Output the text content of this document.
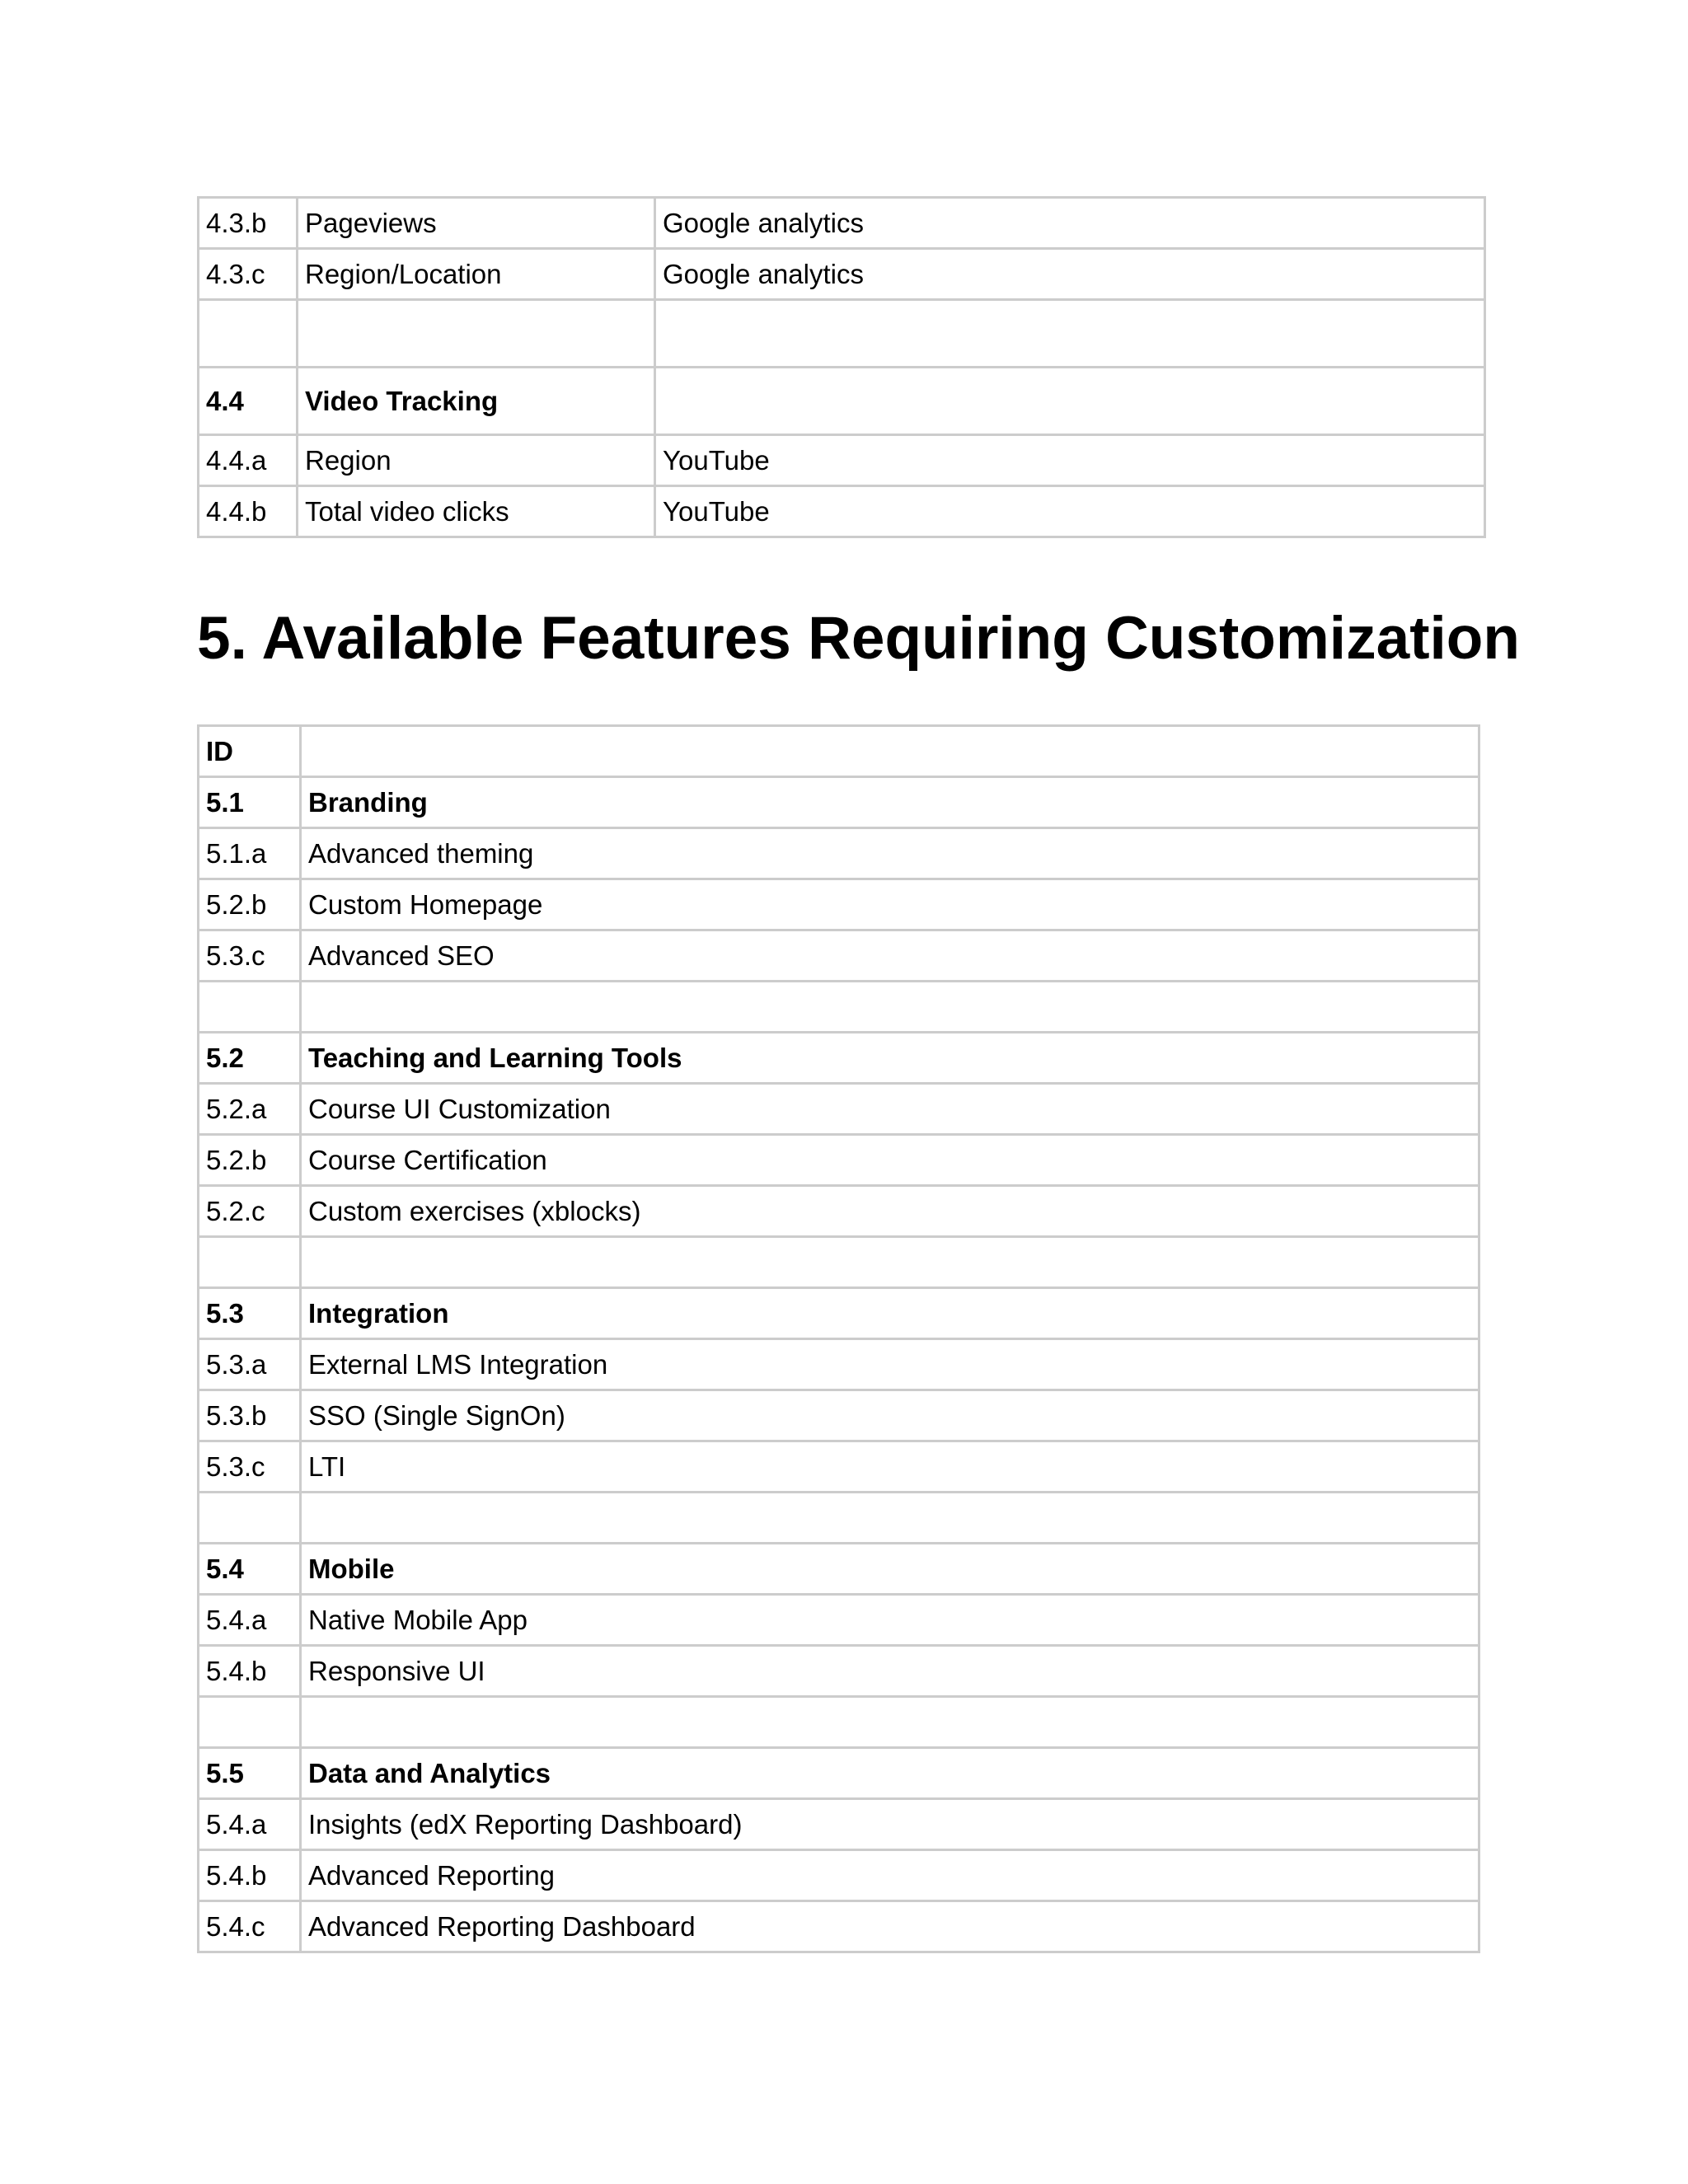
4.3.b	Pageviews	Google analytics
4.3.c	Region/Location	Google analytics

4.4	Video Tracking	
4.4.a	Region	YouTube
4.4.b	Total video clicks	YouTube
5. Available Features Requiring Customization
ID	
5.1	Branding
5.1.a	Advanced theming
5.2.b	Custom Homepage
5.3.c	Advanced SEO

5.2	Teaching and Learning Tools
5.2.a	Course UI Customization
5.2.b	Course Certification
5.2.c	Custom exercises (xblocks)

5.3	Integration
5.3.a	External LMS Integration
5.3.b	SSO (Single SignOn)
5.3.c	LTI

5.4	Mobile
5.4.a	Native Mobile App
5.4.b	Responsive UI

5.5	Data and Analytics
5.4.a	Insights (edX Reporting Dashboard)
5.4.b	Advanced Reporting
5.4.c	Advanced Reporting Dashboard
